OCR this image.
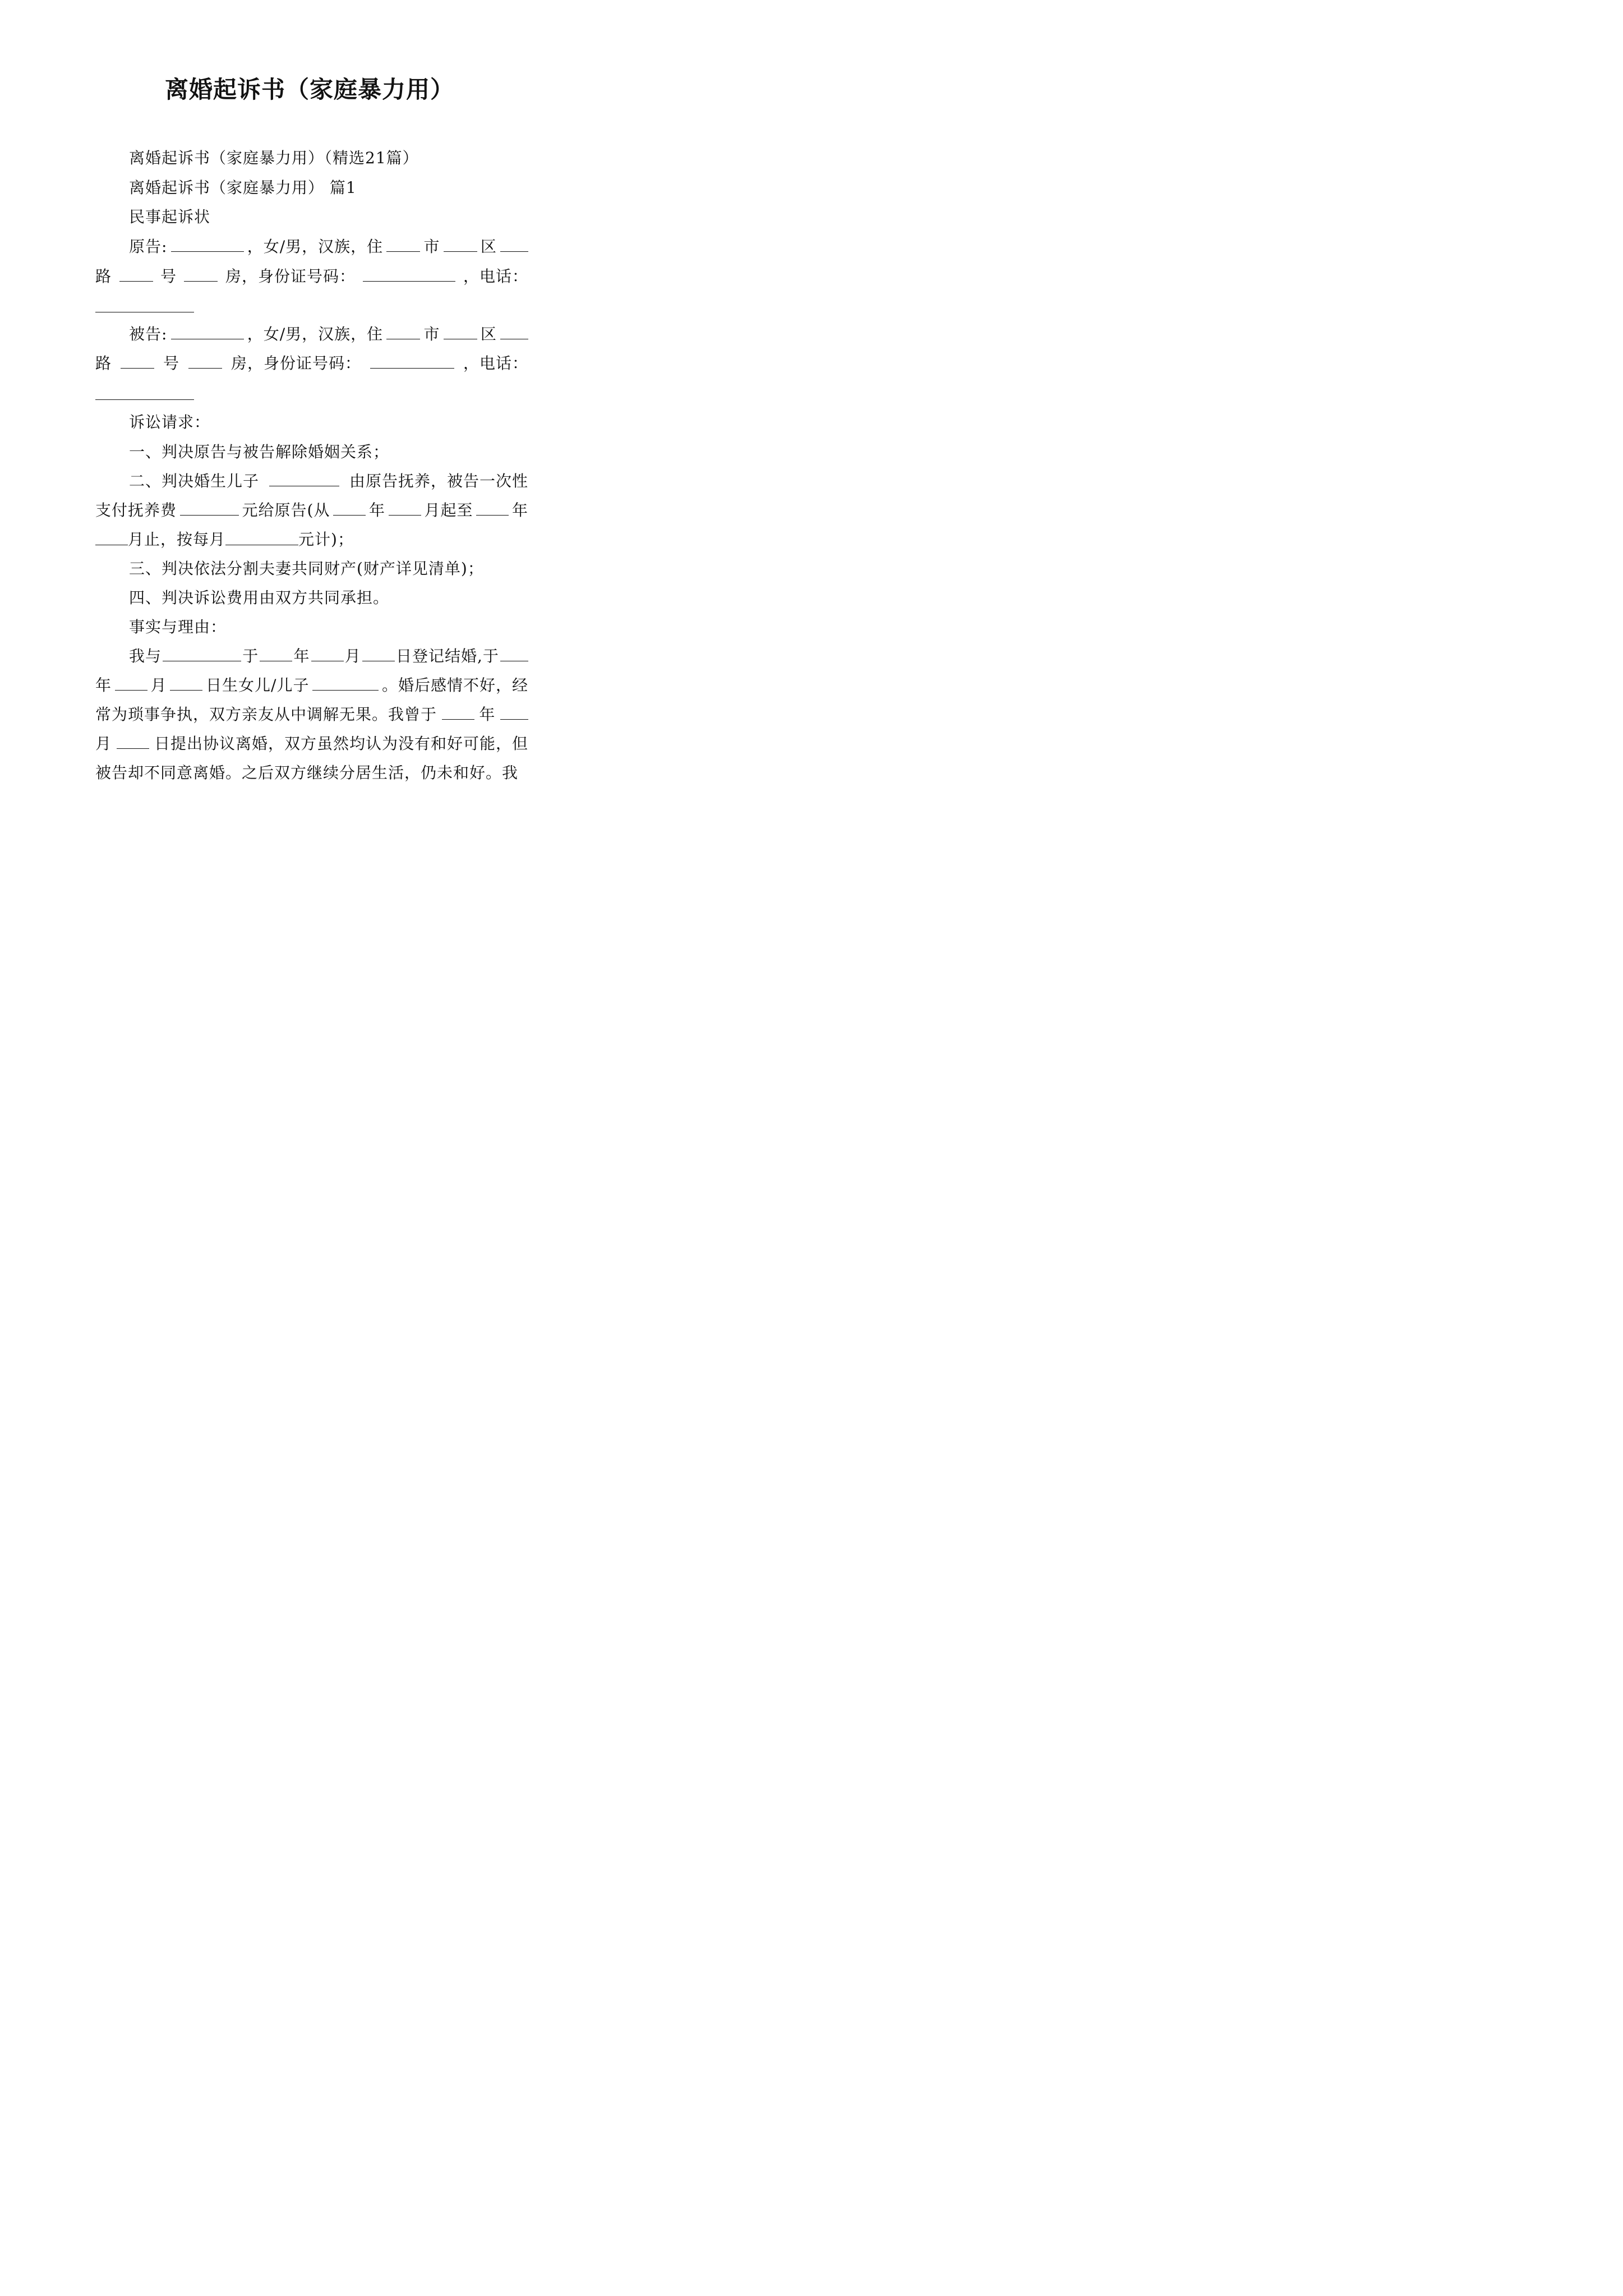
离婚起诉书（家庭暴力用）
离婚起诉书（家庭暴力用）（精选21篇）
离婚起诉书（家庭暴力用） 篇1
民事起诉状
原告:	，女/男，汉族，住	市	区
路	号	房，身份证号码：	，电话：
被告:	，女/男，汉族，住	市	区
路	号	房，身份证号码：	，电话：
诉讼请求：
一、判决原告与被告解除婚姻关系；
二、判决婚生儿子	由原告抚养，被告一次性
支付抚养费	元给原告(从 年 月起至 年
月止，按每月	元计)；
三、判决依法分割夫妻共同财产(财产详见清单)；
四、判决诉讼费用由双方共同承担。
事实与理由：
我与	于 年 月 日登记结婚,于
年 月 日生女儿/儿子	。婚后感情不好，经
常为琐事争执，双方亲友从中调解无果。我曾于	年
月	日提出协议离婚，双方虽然均认为没有和好可能，但
被告却不同意离婚。之后双方继续分居生活，仍未和好。我
